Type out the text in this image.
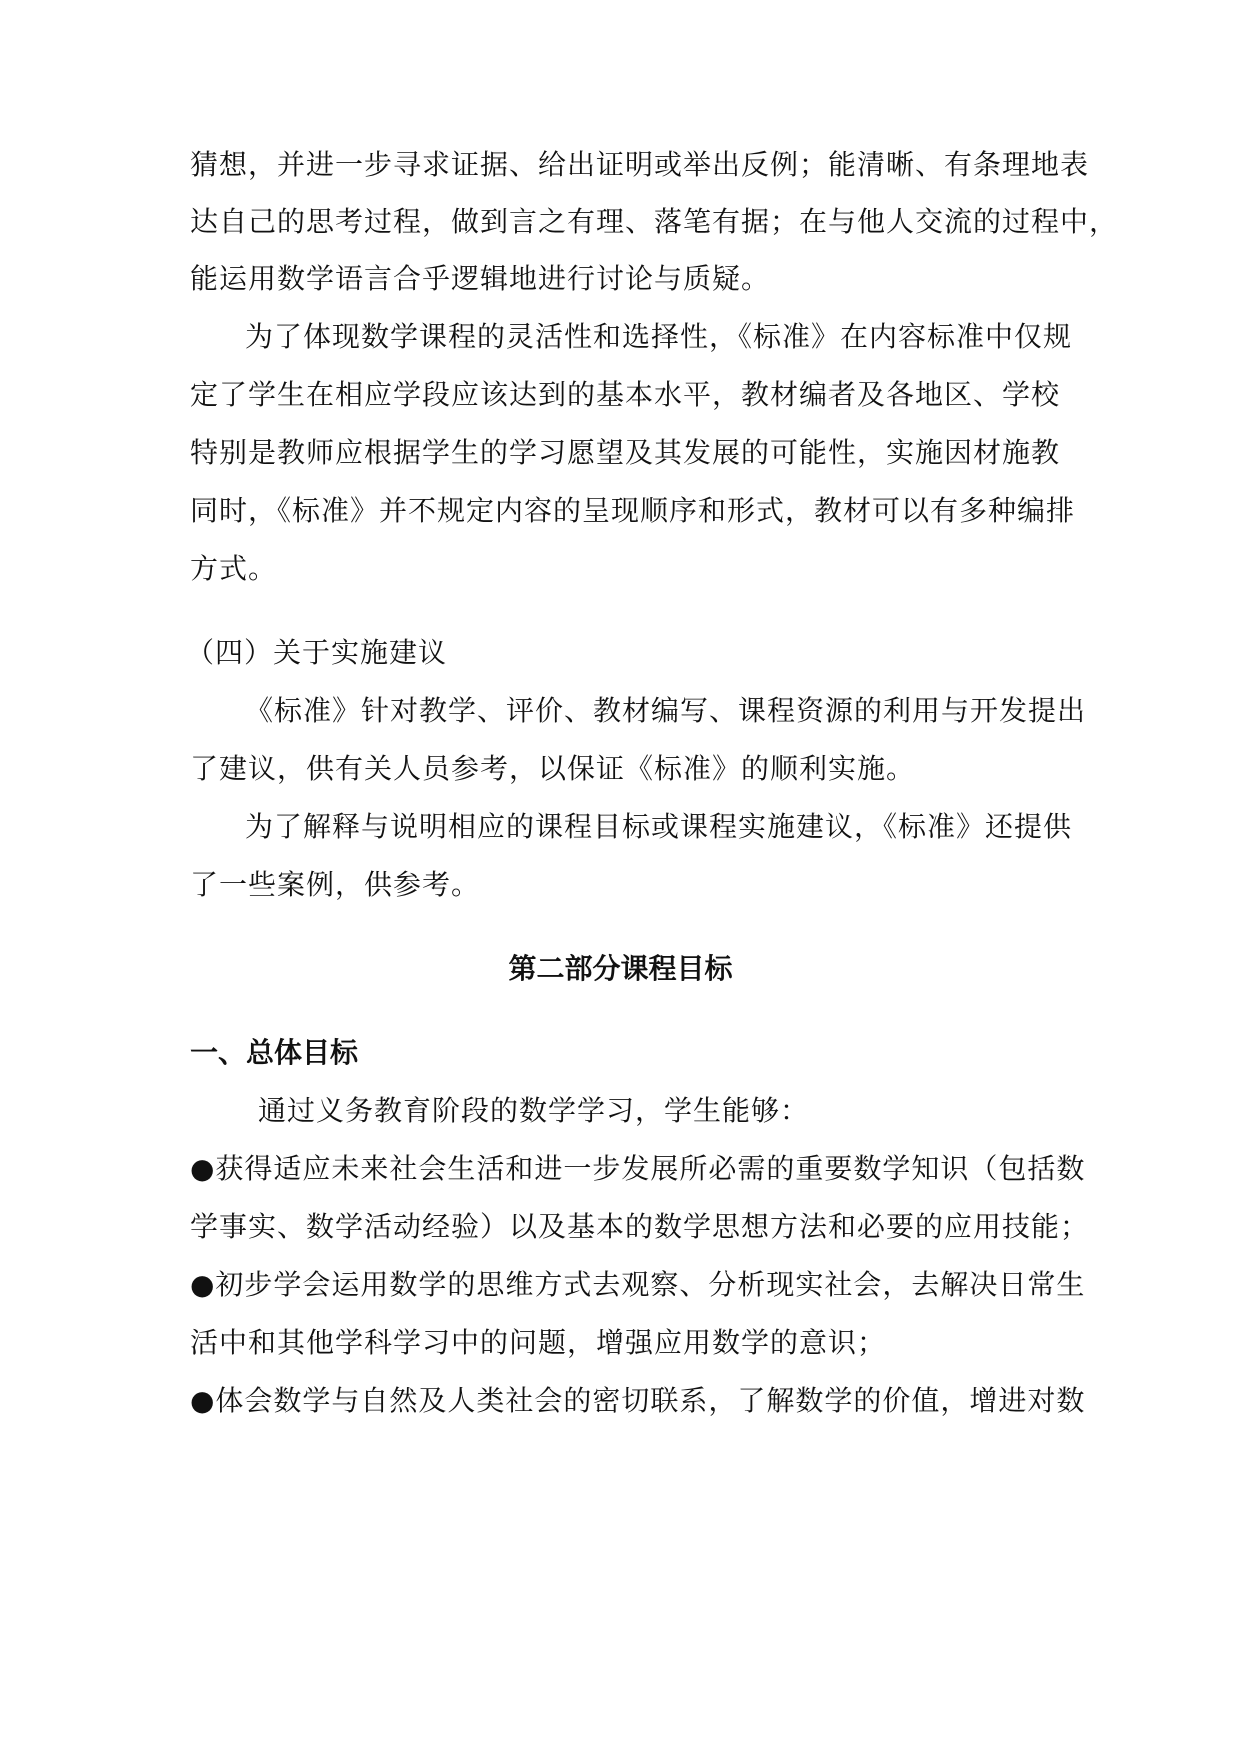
猜想，并进一步寻求证据、给出证明或举出反例；能清晰、有条理地表
达自己的思考过程，做到言之有理、落笔有据；在与他人交流的过程中，
能运用数学语言合乎逻辑地进行讨论与质疑。
为了体现数学课程的灵活性和选择性，《标准》在内容标准中仅规
定了学生在相应学段应该达到的基本水平，教材编者及各地区、学校
特别是教师应根据学生的学习愿望及其发展的可能性，实施因材施教
同时，《标准》并不规定内容的呈现顺序和形式，教材可以有多种编排
方式。
（四）关于实施建议
《标准》针对教学、评价、教材编写、课程资源的利用与开发提出
了建议，供有关人员参考，以保证《标准》的顺利实施。
为了解释与说明相应的课程目标或课程实施建议，《标准》还提供
了一些案例，供参考。
第二部分课程目标
一、总体目标
通过义务教育阶段的数学学习，学生能够：
●获得适应未来社会生活和进一步发展所必需的重要数学知识（包括数
学事实、数学活动经验）以及基本的数学思想方法和必要的应用技能；
●初步学会运用数学的思维方式去观察、分析现实社会，去解决日常生
活中和其他学科学习中的问题，增强应用数学的意识；
●体会数学与自然及人类社会的密切联系，了解数学的价值，增进对数
